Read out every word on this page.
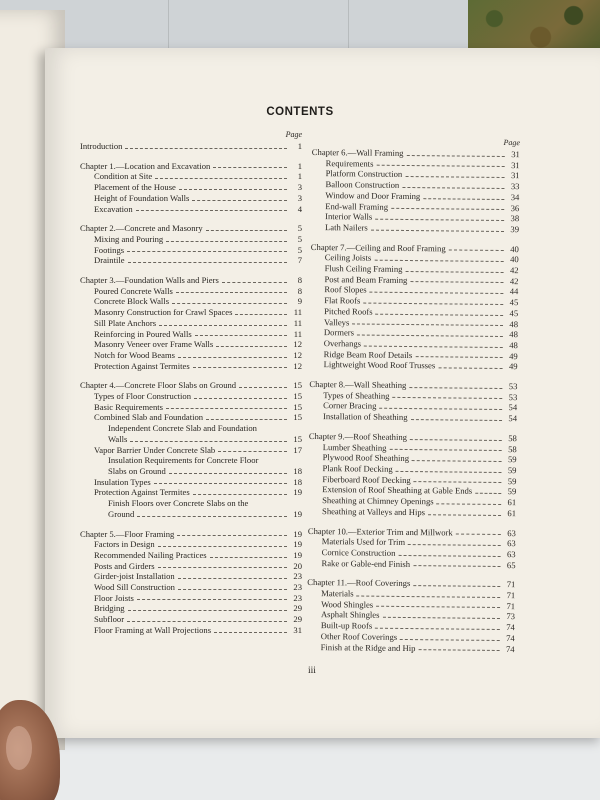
CONTENTS
Page
Introduction	1
Chapter 1.—Location and Excavation	1
Condition at Site	1
Placement of the House	3
Height of Foundation Walls	3
Excavation	4
Chapter 2.—Concrete and Masonry	5
Mixing and Pouring	5
Footings	5
Draintile	7
Chapter 3.—Foundation Walls and Piers	8
Poured Concrete Walls	8
Concrete Block Walls	9
Masonry Construction for Crawl Spaces	11
Sill Plate Anchors	11
Reinforcing in Poured Walls	11
Masonry Veneer over Frame Walls	12
Notch for Wood Beams	12
Protection Against Termites	12
Chapter 4.—Concrete Floor Slabs on Ground	15
Types of Floor Construction	15
Basic Requirements	15
Combined Slab and Foundation	15
Independent Concrete Slab and Foundation
Walls	15
Vapor Barrier Under Concrete Slab	17
Insulation Requirements for Concrete Floor
Slabs on Ground	18
Insulation Types	18
Protection Against Termites	19
Finish Floors over Concrete Slabs on the
Ground	19
Chapter 5.—Floor Framing	19
Factors in Design	19
Recommended Nailing Practices	19
Posts and Girders	20
Girder-joist Installation	23
Wood Sill Construction	23
Floor Joists	23
Bridging	29
Subfloor	29
Floor Framing at Wall Projections	31
Page
Chapter 6.—Wall Framing	31
Requirements	31
Platform Construction	31
Balloon Construction	33
Window and Door Framing	34
End-wall Framing	36
Interior Walls	38
Lath Nailers	39
Chapter 7.—Ceiling and Roof Framing	40
Ceiling Joists	40
Flush Ceiling Framing	42
Post and Beam Framing	42
Roof Slopes	44
Flat Roofs	45
Pitched Roofs	45
Valleys	48
Dormers	48
Overhangs	48
Ridge Beam Roof Details	49
Lightweight Wood Roof Trusses	49
Chapter 8.—Wall Sheathing	53
Types of Sheathing	53
Corner Bracing	54
Installation of Sheathing	54
Chapter 9.—Roof Sheathing	58
Lumber Sheathing	58
Plywood Roof Sheathing	59
Plank Roof Decking	59
Fiberboard Roof Decking	59
Extension of Roof Sheathing at Gable Ends	59
Sheathing at Chimney Openings	61
Sheathing at Valleys and Hips	61
Chapter 10.—Exterior Trim and Millwork	63
Materials Used for Trim	63
Cornice Construction	63
Rake or Gable-end Finish	65
Chapter 11.—Roof Coverings	71
Materials	71
Wood Shingles	71
Asphalt Shingles	73
Built-up Roofs	74
Other Roof Coverings	74
Finish at the Ridge and Hip	74
iii
